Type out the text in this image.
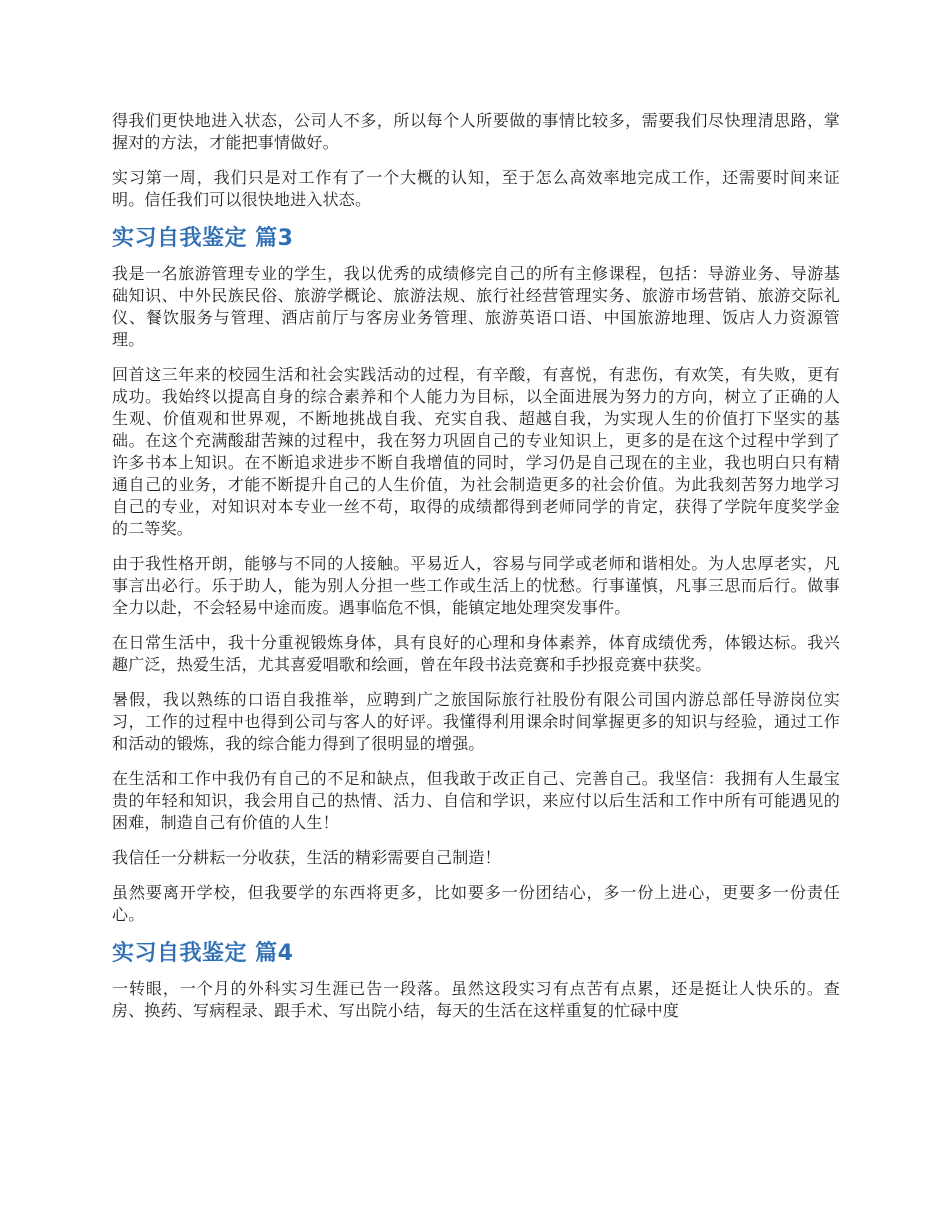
得我们更快地进入状态，公司人不多，所以每个人所要做的事情比较多，需要我们尽快理清思路，掌握对的方法，才能把事情做好。

实习第一周，我们只是对工作有了一个大概的认知，至于怎么高效率地完成工作，还需要时间来证明。信任我们可以很快地进入状态。

实习自我鉴定 篇3

我是一名旅游管理专业的学生，我以优秀的成绩修完自己的所有主修课程，包括：导游业务、导游基础知识、中外民族民俗、旅游学概论、旅游法规、旅行社经营管理实务、旅游市场营销、旅游交际礼仪、餐饮服务与管理、酒店前厅与客房业务管理、旅游英语口语、中国旅游地理、饭店人力资源管理。

回首这三年来的校园生活和社会实践活动的过程，有辛酸，有喜悦，有悲伤，有欢笑，有失败，更有成功。我始终以提高自身的综合素养和个人能力为目标，以全面进展为努力的方向，树立了正确的人生观、价值观和世界观，不断地挑战自我、充实自我、超越自我，为实现人生的价值打下坚实的基础。在这个充满酸甜苦辣的过程中，我在努力巩固自己的专业知识上，更多的是在这个过程中学到了许多书本上知识。在不断追求进步不断自我增值的同时，学习仍是自己现在的主业，我也明白只有精通自己的业务，才能不断提升自己的人生价值，为社会制造更多的社会价值。为此我刻苦努力地学习自己的专业，对知识对本专业一丝不苟，取得的成绩都得到老师同学的肯定，获得了学院年度奖学金的二等奖。

由于我性格开朗，能够与不同的人接触。平易近人，容易与同学或老师和谐相处。为人忠厚老实，凡事言出必行。乐于助人，能为别人分担一些工作或生活上的忧愁。行事谨慎，凡事三思而后行。做事全力以赴，不会轻易中途而废。遇事临危不惧，能镇定地处理突发事件。

在日常生活中，我十分重视锻炼身体，具有良好的心理和身体素养，体育成绩优秀，体锻达标。我兴趣广泛，热爱生活，尤其喜爱唱歌和绘画，曾在年段书法竞赛和手抄报竞赛中获奖。

暑假，我以熟练的口语自我推举，应聘到广之旅国际旅行社股份有限公司国内游总部任导游岗位实习，工作的过程中也得到公司与客人的好评。我懂得利用课余时间掌握更多的知识与经验，通过工作和活动的锻炼，我的综合能力得到了很明显的增强。

在生活和工作中我仍有自己的不足和缺点，但我敢于改正自己、完善自己。我坚信：我拥有人生最宝贵的年轻和知识，我会用自己的热情、活力、自信和学识，来应付以后生活和工作中所有可能遇见的困难，制造自己有价值的人生！

我信任一分耕耘一分收获，生活的精彩需要自己制造！

虽然要离开学校，但我要学的东西将更多，比如要多一份团结心，多一份上进心，更要多一份责任心。

实习自我鉴定 篇4

一转眼，一个月的外科实习生涯已告一段落。虽然这段实习有点苦有点累，还是挺让人快乐的。查房、换药、写病程录、跟手术、写出院小结，每天的生活在这样重复的忙碌中度
